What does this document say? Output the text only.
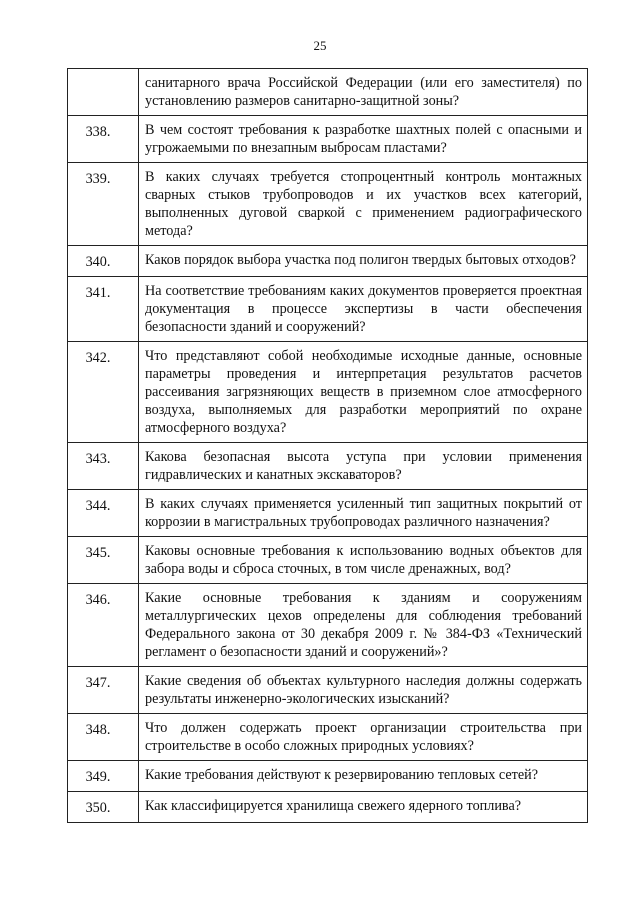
25
	санитарного врача Российской Федерации (или его заместителя) по установлению размеров санитарно-защитной зоны?
338.	В чем состоят требования к разработке шахтных полей с опасными и угрожаемыми по внезапным выбросам пластами?
339.	В каких случаях требуется стопроцентный контроль монтажных сварных стыков трубопроводов и их участков всех категорий, выполненных дуговой сваркой с применением радиографического метода?
340.	Каков порядок выбора участка под полигон твердых бытовых отходов?
341.	На соответствие требованиям каких документов проверяется проектная документация в процессе экспертизы в части обеспечения безопасности зданий и сооружений?
342.	Что представляют собой необходимые исходные данные, основные параметры проведения и интерпретация результатов расчетов рассеивания загрязняющих веществ в приземном слое атмосферного воздуха, выполняемых для разработки мероприятий по охране атмосферного воздуха?
343.	Какова безопасная высота уступа при условии применения гидравлических и канатных экскаваторов?
344.	В каких случаях применяется усиленный тип защитных покрытий от коррозии в магистральных трубопроводах различного назначения?
345.	Каковы основные требования к использованию водных объектов для забора воды и сброса сточных, в том числе дренажных, вод?
346.	Какие основные требования к зданиям и сооружениям металлургических цехов определены для соблюдения требований Федерального закона от 30 декабря 2009 г. № 384-ФЗ «Технический регламент о безопасности зданий и сооружений»?
347.	Какие сведения об объектах культурного наследия должны содержать результаты инженерно-экологических изысканий?
348.	Что должен содержать проект организации строительства при строительстве в особо сложных природных условиях?
349.	Какие требования действуют к резервированию тепловых сетей?
350.	Как классифицируется хранилища свежего ядерного топлива?
